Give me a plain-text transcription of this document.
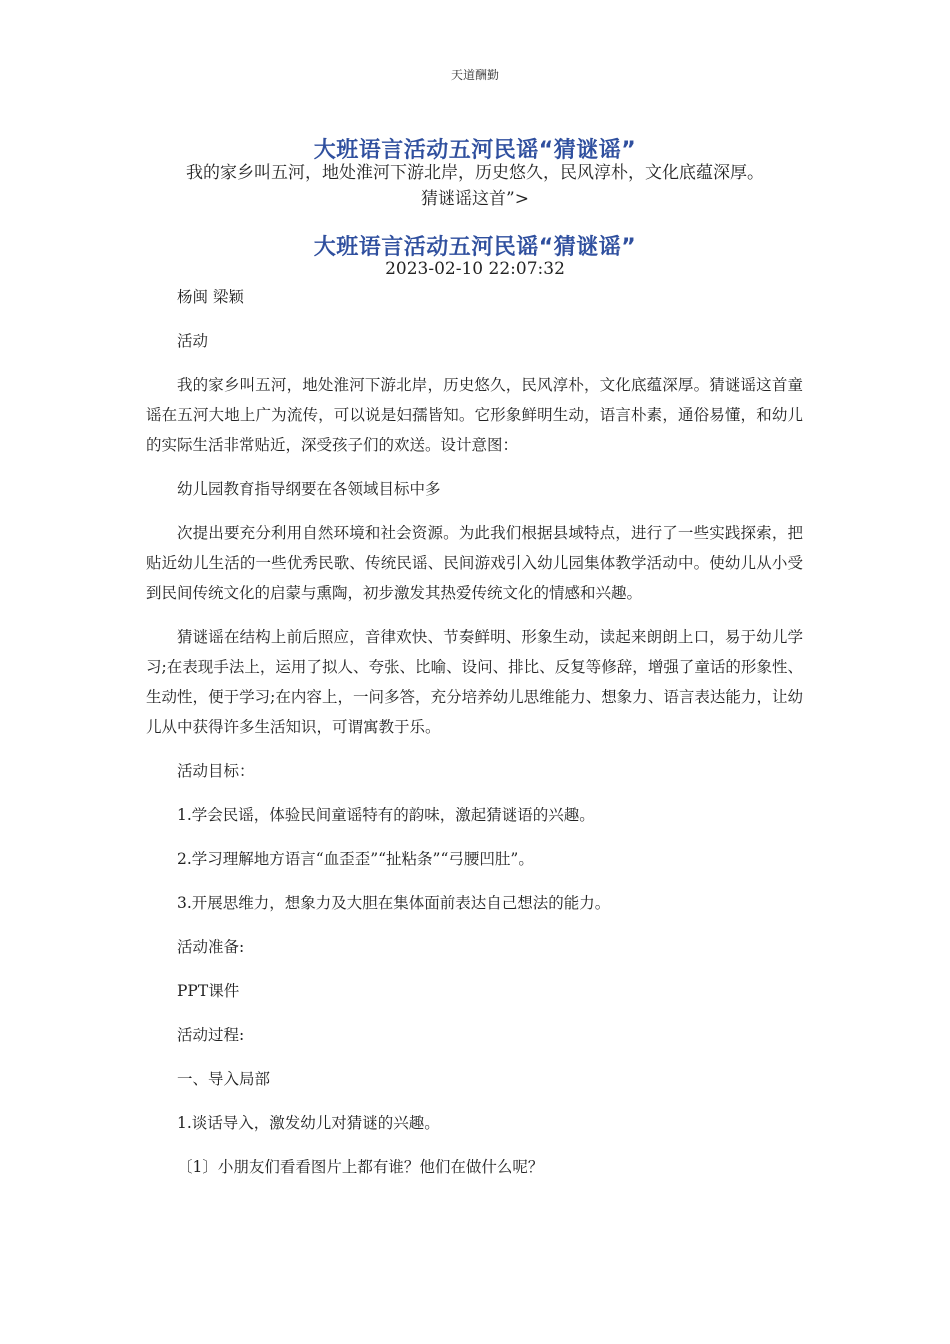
天道酬勤
大班语言活动五河民谣“猜谜谣”
我的家乡叫五河，地处淮河下游北岸，历史悠久，民风淳朴，文化底蕴深厚。
猜谜谣这首”>
大班语言活动五河民谣“猜谜谣”
2023-02-10 22:07:32

杨闽 梁颖

活动

我的家乡叫五河，地处淮河下游北岸，历史悠久，民风淳朴，文化底蕴深厚。猜谜谣这首童谣在五河大地上广为流传，可以说是妇孺皆知。它形象鲜明生动，语言朴素，通俗易懂，和幼儿的实际生活非常贴近，深受孩子们的欢送。设计意图：

幼儿园教育指导纲要在各领域目标中多

次提出要充分利用自然环境和社会资源。为此我们根据县域特点，进行了一些实践探索，把贴近幼儿生活的一些优秀民歌、传统民谣、民间游戏引入幼儿园集体教学活动中。使幼儿从小受到民间传统文化的启蒙与熏陶，初步激发其热爱传统文化的情感和兴趣。

猜谜谣在结构上前后照应，音律欢快、节奏鲜明、形象生动，读起来朗朗上口，易于幼儿学习;在表现手法上，运用了拟人、夸张、比喻、设问、排比、反复等修辞，增强了童话的形象性、生动性，便于学习;在内容上，一问多答，充分培养幼儿思维能力、想象力、语言表达能力，让幼儿从中获得许多生活知识，可谓寓教于乐。

活动目标：

1.学会民谣，体验民间童谣特有的韵味，激起猜谜语的兴趣。

2.学习理解地方语言“血歪歪”“扯粘条”“弓腰凹肚”。

3.开展思维力，想象力及大胆在集体面前表达自己想法的能力。

活动准备:

PPT课件

活动过程:

一、导入局部

1.谈话导入，激发幼儿对猜谜的兴趣。

〔1〕小朋友们看看图片上都有谁？他们在做什么呢？
